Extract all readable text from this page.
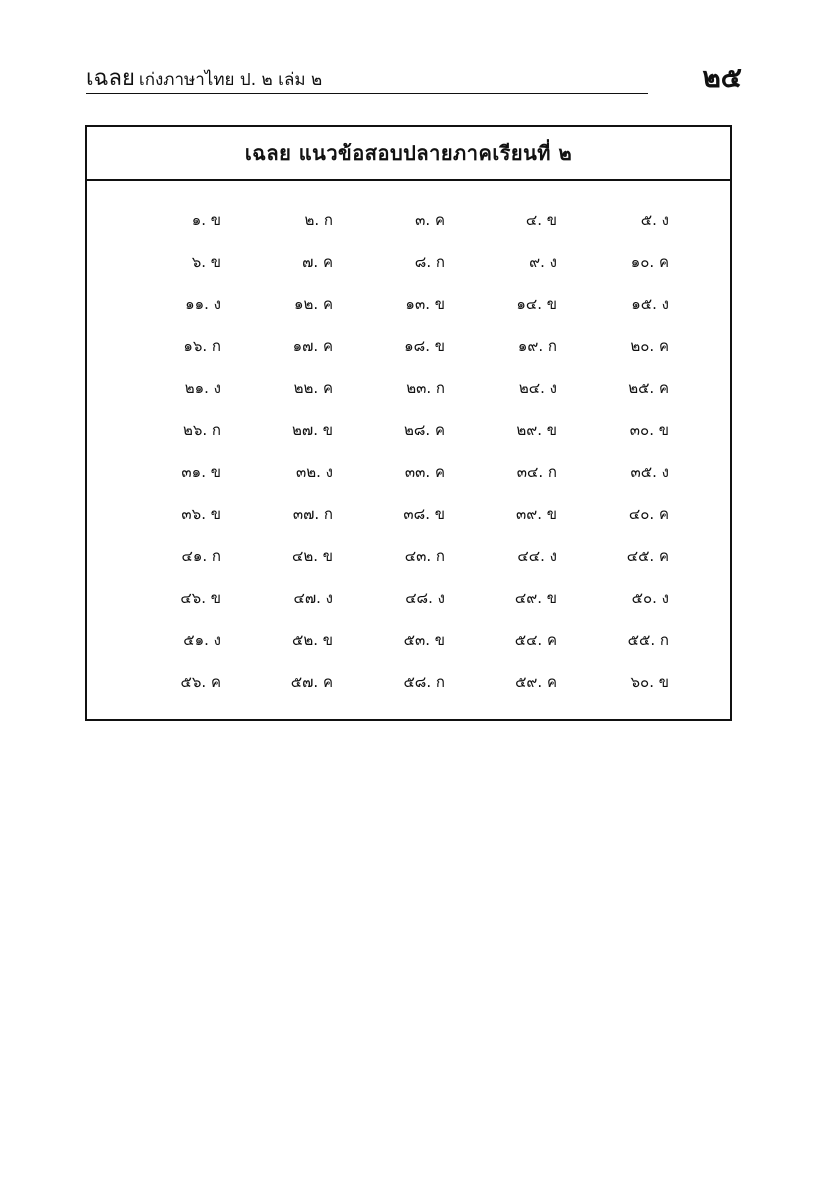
เฉลย เก่งภาษาไทย ป. ๒ เล่ม ๒	๒๕
เฉลย แนวข้อสอบปลายภาคเรียนที่ ๒
๑. ข	๒. ก	๓. ค	๔. ข	๕. ง
๖. ข	๗. ค	๘. ก	๙. ง	๑๐. ค
๑๑. ง	๑๒. ค	๑๓. ข	๑๔. ข	๑๕. ง
๑๖. ก	๑๗. ค	๑๘. ข	๑๙. ก	๒๐. ค
๒๑. ง	๒๒. ค	๒๓. ก	๒๔. ง	๒๕. ค
๒๖. ก	๒๗. ข	๒๘. ค	๒๙. ข	๓๐. ข
๓๑. ข	๓๒. ง	๓๓. ค	๓๔. ก	๓๕. ง
๓๖. ข	๓๗. ก	๓๘. ข	๓๙. ข	๔๐. ค
๔๑. ก	๔๒. ข	๔๓. ก	๔๔. ง	๔๕. ค
๔๖. ข	๔๗. ง	๔๘. ง	๔๙. ข	๕๐. ง
๕๑. ง	๕๒. ข	๕๓. ข	๕๔. ค	๕๕. ก
๕๖. ค	๕๗. ค	๕๘. ก	๕๙. ค	๖๐. ข
